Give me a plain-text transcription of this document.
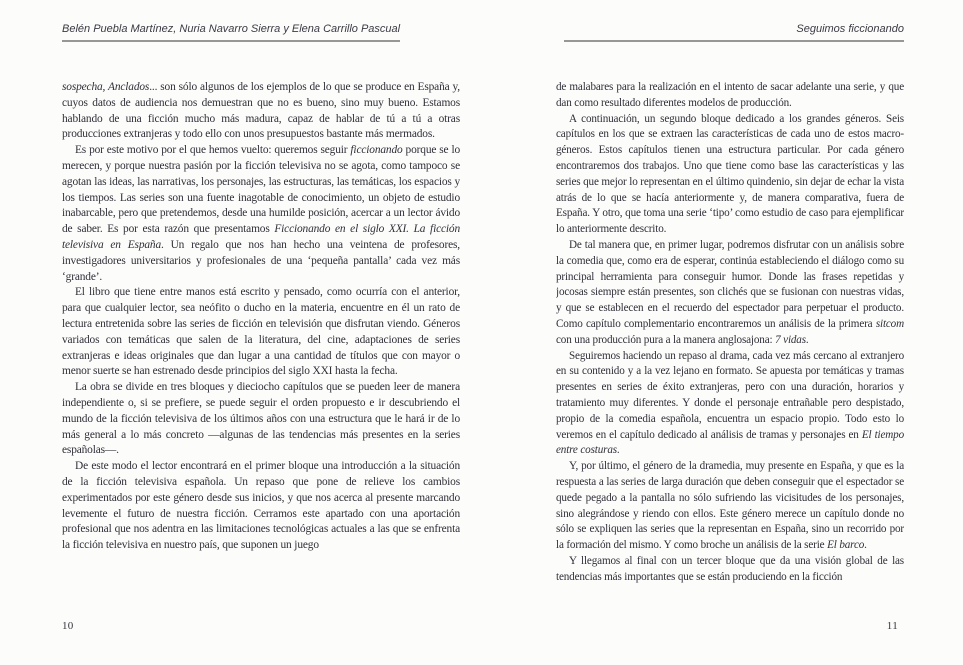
Belén Puebla Martínez, Nuria Navarro Sierra y Elena Carrillo Pascual

sospecha, Anclados... son sólo algunos de los ejemplos de lo que se produce en España y, cuyos datos de audiencia nos demuestran que no es bueno, sino muy bueno. Estamos hablando de una ficción mucho más madura, capaz de hablar de tú a tú a otras producciones extranjeras y todo ello con unos presupuestos bastante más mermados.

Es por este motivo por el que hemos vuelto: queremos seguir ficcionando porque se lo merecen, y porque nuestra pasión por la ficción televisiva no se agota, como tampoco se agotan las ideas, las narrativas, los personajes, las estructuras, las temáticas, los espacios y los tiempos. Las series son una fuente inagotable de conocimiento, un objeto de estudio inabarcable, pero que pretendemos, desde una humilde posición, acercar a un lector ávido de saber. Es por esta razón que presentamos Ficcionando en el siglo XXI. La ficción televisiva en España. Un regalo que nos han hecho una veintena de profesores, investigadores universitarios y profesionales de una ‘pequeña pantalla’ cada vez más ‘grande’.

El libro que tiene entre manos está escrito y pensado, como ocurría con el anterior, para que cualquier lector, sea neófito o ducho en la materia, encuentre en él un rato de lectura entretenida sobre las series de ficción en televisión que disfrutan viendo. Géneros variados con temáticas que salen de la literatura, del cine, adaptaciones de series extranjeras e ideas originales que dan lugar a una cantidad de títulos que con mayor o menor suerte se han estrenado desde principios del siglo XXI hasta la fecha.

La obra se divide en tres bloques y dieciocho capítulos que se pueden leer de manera independiente o, si se prefiere, se puede seguir el orden propuesto e ir descubriendo el mundo de la ficción televisiva de los últimos años con una estructura que le hará ir de lo más general a lo más concreto —algunas de las tendencias más presentes en la series españolas—.

De este modo el lector encontrará en el primer bloque una introducción a la situación de la ficción televisiva española. Un repaso que pone de relieve los cambios experimentados por este género desde sus inicios, y que nos acerca al presente marcando levemente el futuro de nuestra ficción. Cerramos este apartado con una aportación profesional que nos adentra en las limitaciones tecnológicas actuales a las que se enfrenta la ficción televisiva en nuestro país, que suponen un juego

10
Seguimos ficcionando

de malabares para la realización en el intento de sacar adelante una serie, y que dan como resultado diferentes modelos de producción.

A continuación, un segundo bloque dedicado a los grandes géneros. Seis capítulos en los que se extraen las características de cada uno de estos macro-géneros. Estos capítulos tienen una estructura particular. Por cada género encontraremos dos trabajos. Uno que tiene como base las características y las series que mejor lo representan en el último quindenio, sin dejar de echar la vista atrás de lo que se hacía anteriormente y, de manera comparativa, fuera de España. Y otro, que toma una serie ‘tipo’ como estudio de caso para ejemplificar lo anteriormente descrito.

De tal manera que, en primer lugar, podremos disfrutar con un análisis sobre la comedia que, como era de esperar, continúa estableciendo el diálogo como su principal herramienta para conseguir humor. Donde las frases repetidas y jocosas siempre están presentes, son clichés que se fusionan con nuestras vidas, y que se establecen en el recuerdo del espectador para perpetuar el producto. Como capítulo complementario encontraremos un análisis de la primera sitcom con una producción pura a la manera anglosajona: 7 vidas.

Seguiremos haciendo un repaso al drama, cada vez más cercano al extranjero en su contenido y a la vez lejano en formato. Se apuesta por temáticas y tramas presentes en series de éxito extranjeras, pero con una duración, horarios y tratamiento muy diferentes. Y donde el personaje entrañable pero despistado, propio de la comedia española, encuentra un espacio propio. Todo esto lo veremos en el capítulo dedicado al análisis de tramas y personajes en El tiempo entre costuras.

Y, por último, el género de la dramedia, muy presente en España, y que es la respuesta a las series de larga duración que deben conseguir que el espectador se quede pegado a la pantalla no sólo sufriendo las vicisitudes de los personajes, sino alegrándose y riendo con ellos. Este género merece un capítulo donde no sólo se expliquen las series que la representan en España, sino un recorrido por la formación del mismo. Y como broche un análisis de la serie El barco.

Y llegamos al final con un tercer bloque que da una visión global de las tendencias más importantes que se están produciendo en la ficción

11
